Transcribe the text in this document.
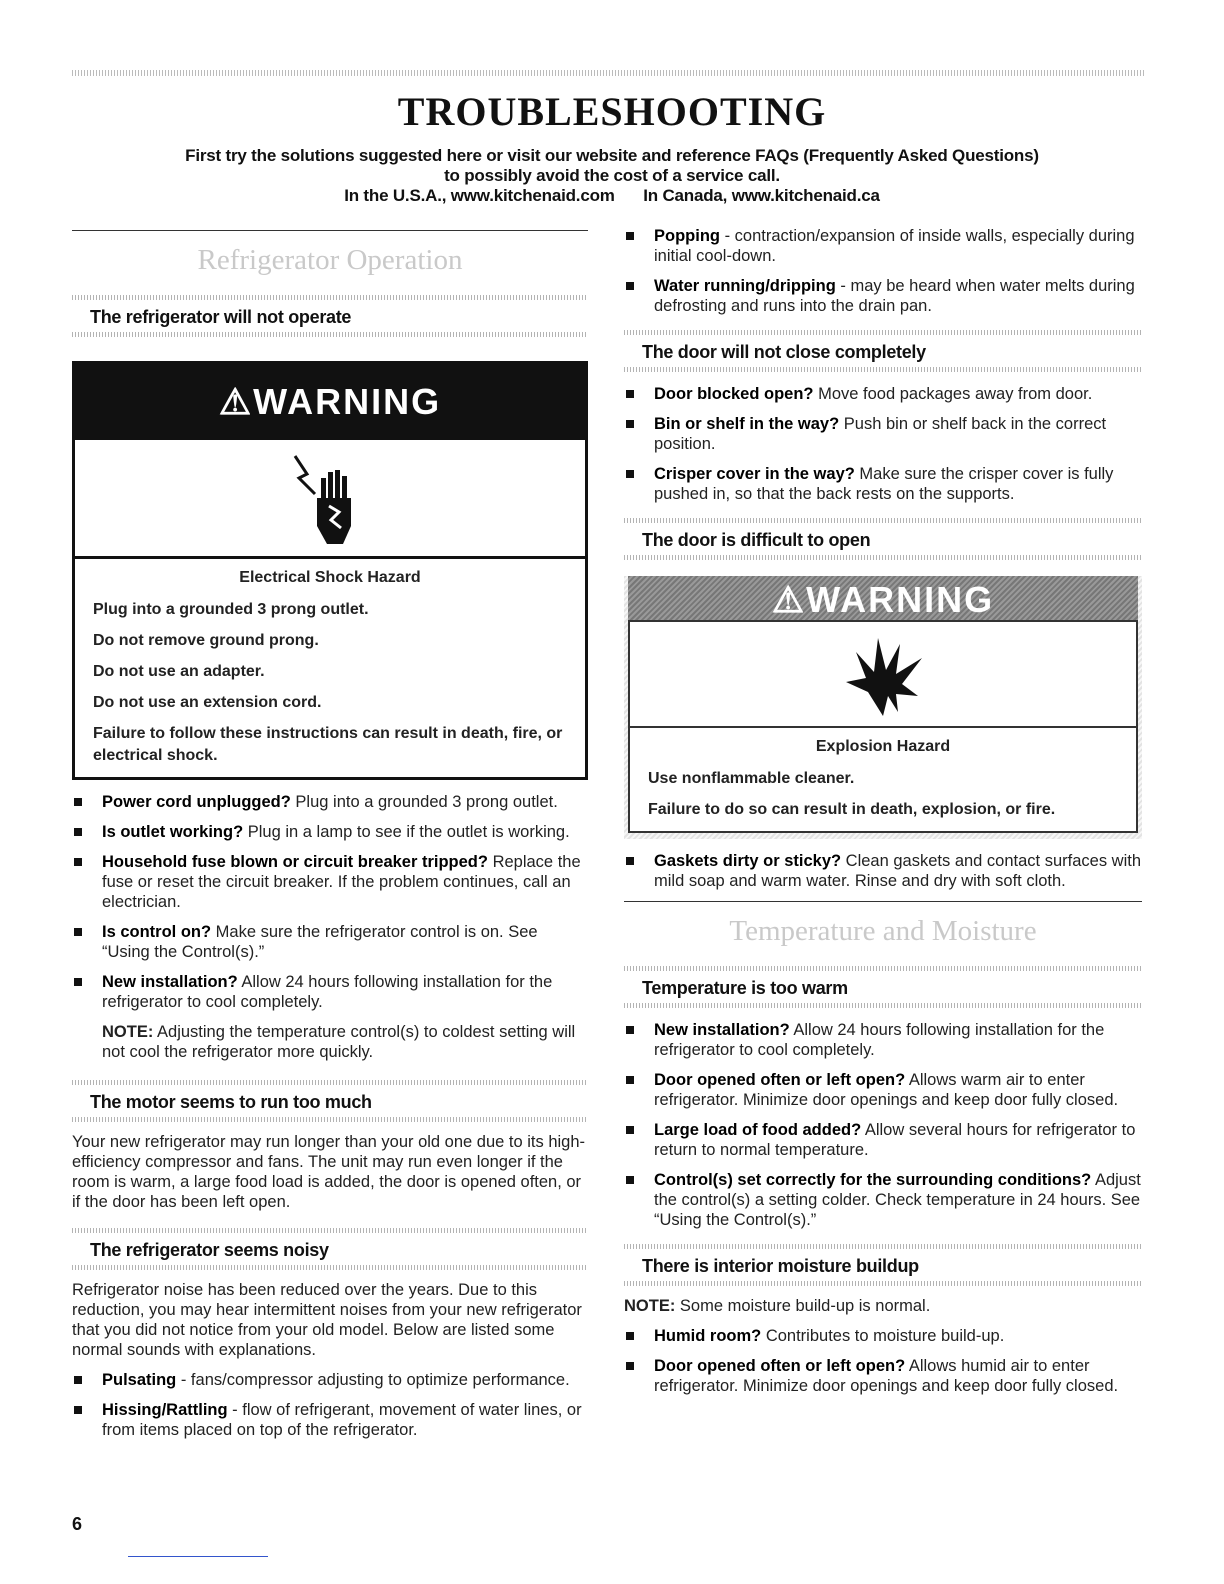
TROUBLESHOOTING
First try the solutions suggested here or visit our website and reference FAQs (Frequently Asked Questions)
to possibly avoid the cost of a service call.
In the U.S.A., www.kitchenaid.com In Canada, www.kitchenaid.ca
Refrigerator Operation
The refrigerator will not operate
⚠WARNING
Electrical Shock Hazard

Plug into a grounded 3 prong outlet.

Do not remove ground prong.

Do not use an adapter.

Do not use an extension cord.

Failure to follow these instructions can result in death, fire, or electrical shock.

Power cord unplugged? Plug into a grounded 3 prong outlet.
Is outlet working? Plug in a lamp to see if the outlet is working.
Household fuse blown or circuit breaker tripped? Replace the fuse or reset the circuit breaker. If the problem continues, call an electrician.
Is control on? Make sure the refrigerator control is on. See “Using the Control(s).”
New installation? Allow 24 hours following installation for the refrigerator to cool completely.
NOTE: Adjusting the temperature control(s) to coldest setting will not cool the refrigerator more quickly.
The motor seems to run too much
Your new refrigerator may run longer than your old one due to its high-efficiency compressor and fans. The unit may run even longer if the room is warm, a large food load is added, the door is opened often, or if the door has been left open.
The refrigerator seems noisy
Refrigerator noise has been reduced over the years. Due to this reduction, you may hear intermittent noises from your new refrigerator that you did not notice from your old model. Below are listed some normal sounds with explanations.
Pulsating - fans/compressor adjusting to optimize performance.
Hissing/Rattling - flow of refrigerant, movement of water lines, or from items placed on top of the refrigerator.
Popping - contraction/expansion of inside walls, especially during initial cool-down.
Water running/dripping - may be heard when water melts during defrosting and runs into the drain pan.
The door will not close completely
Door blocked open? Move food packages away from door.
Bin or shelf in the way? Push bin or shelf back in the correct position.
Crisper cover in the way? Make sure the crisper cover is fully pushed in, so that the back rests on the supports.
The door is difficult to open
⚠WARNING
Explosion Hazard

Use nonflammable cleaner.

Failure to do so can result in death, explosion, or fire.

Gaskets dirty or sticky? Clean gaskets and contact surfaces with mild soap and warm water. Rinse and dry with soft cloth.
Temperature and Moisture
Temperature is too warm
New installation? Allow 24 hours following installation for the refrigerator to cool completely.
Door opened often or left open? Allows warm air to enter refrigerator. Minimize door openings and keep door fully closed.
Large load of food added? Allow several hours for refrigerator to return to normal temperature.
Control(s) set correctly for the surrounding conditions? Adjust the control(s) a setting colder. Check temperature in 24 hours. See “Using the Control(s).”
There is interior moisture buildup
NOTE: Some moisture build-up is normal.
Humid room? Contributes to moisture build-up.
Door opened often or left open? Allows humid air to enter refrigerator. Minimize door openings and keep door fully closed.
6
